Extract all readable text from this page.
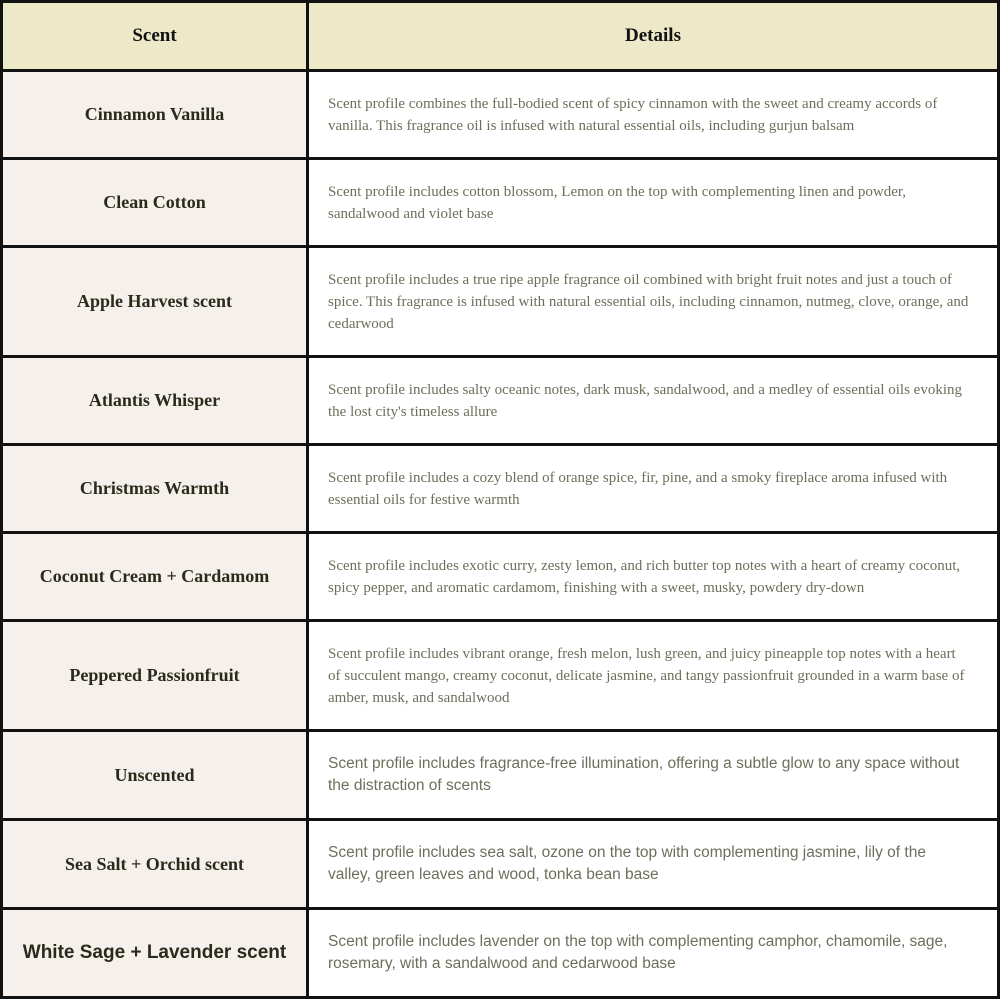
Scent	Details
Cinnamon Vanilla	Scent profile combines the full-bodied scent of spicy cinnamon with the sweet and creamy accords of vanilla. This fragrance oil is infused with natural essential oils, including gurjun balsam
Clean Cotton	Scent profile includes cotton blossom, Lemon on the top with complementing linen and powder, sandalwood and violet base
Apple Harvest scent	Scent profile includes a true ripe apple fragrance oil combined with bright fruit notes and just a touch of spice. This fragrance is infused with natural essential oils, including cinnamon, nutmeg, clove, orange, and cedarwood
Atlantis Whisper	Scent profile includes salty oceanic notes, dark musk, sandalwood, and a medley of essential oils evoking the lost city's timeless allure
Christmas Warmth	Scent profile includes a cozy blend of orange spice, fir, pine, and a smoky fireplace aroma infused with essential oils for festive warmth
Coconut Cream + Cardamom	Scent profile includes exotic curry, zesty lemon, and rich butter top notes with a heart of creamy coconut, spicy pepper, and aromatic cardamom, finishing with a sweet, musky, powdery dry-down
Peppered Passionfruit	Scent profile includes vibrant orange, fresh melon, lush green, and juicy pineapple top notes with a heart of succulent mango, creamy coconut, delicate jasmine, and tangy passionfruit grounded in a warm base of amber, musk, and sandalwood
Unscented	Scent profile includes fragrance-free illumination, offering a subtle glow to any space without the distraction of scents
Sea Salt + Orchid scent	Scent profile includes sea salt, ozone on the top with complementing jasmine, lily of the valley, green leaves and wood, tonka bean base
White Sage + Lavender scent	Scent profile includes lavender on the top with complementing camphor, chamomile, sage, rosemary, with a sandalwood and cedarwood base
